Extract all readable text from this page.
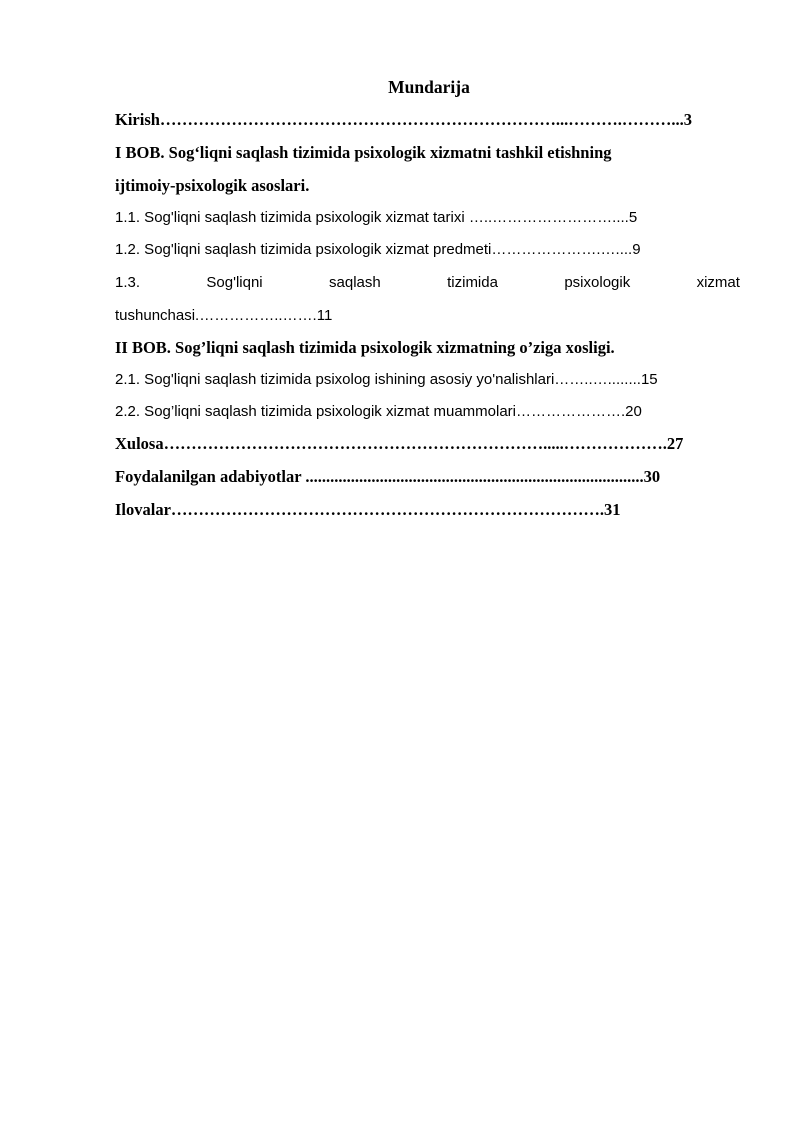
Mundarija
Kirish………………………………………………………………...……….………...3
I BOB. Sog‘liqni saqlash tizimida psixologik xizmatni tashkil etishning
ijtimoiy-psixologik asoslari.
1.1. Sog'liqni saqlash tizimida psixologik xizmat tarixi …..……………………....5
1.2. Sog'liqni saqlash tizimida psixologik xizmat predmeti………………….…....9
1.3.	Sog'liqni	saqlash	tizimida	psixologik	xizmat
tushunchasi.……………..…….11
II BOB. Sog’liqni saqlash tizimida psixologik xizmatning o’ziga xosligi.
2.1. Sog'liqni saqlash tizimida psixolog ishining asosiy yo'nalishlari……..…........15
2.2. Sog’liqni saqlash tizimida psixologik xizmat muammolari………………….20
Xulosa…………………………………………………………….....……………….27
Foydalanilgan adabiyotlar ..................................................................................30
Ilovalar…………………………………………………………………….31
